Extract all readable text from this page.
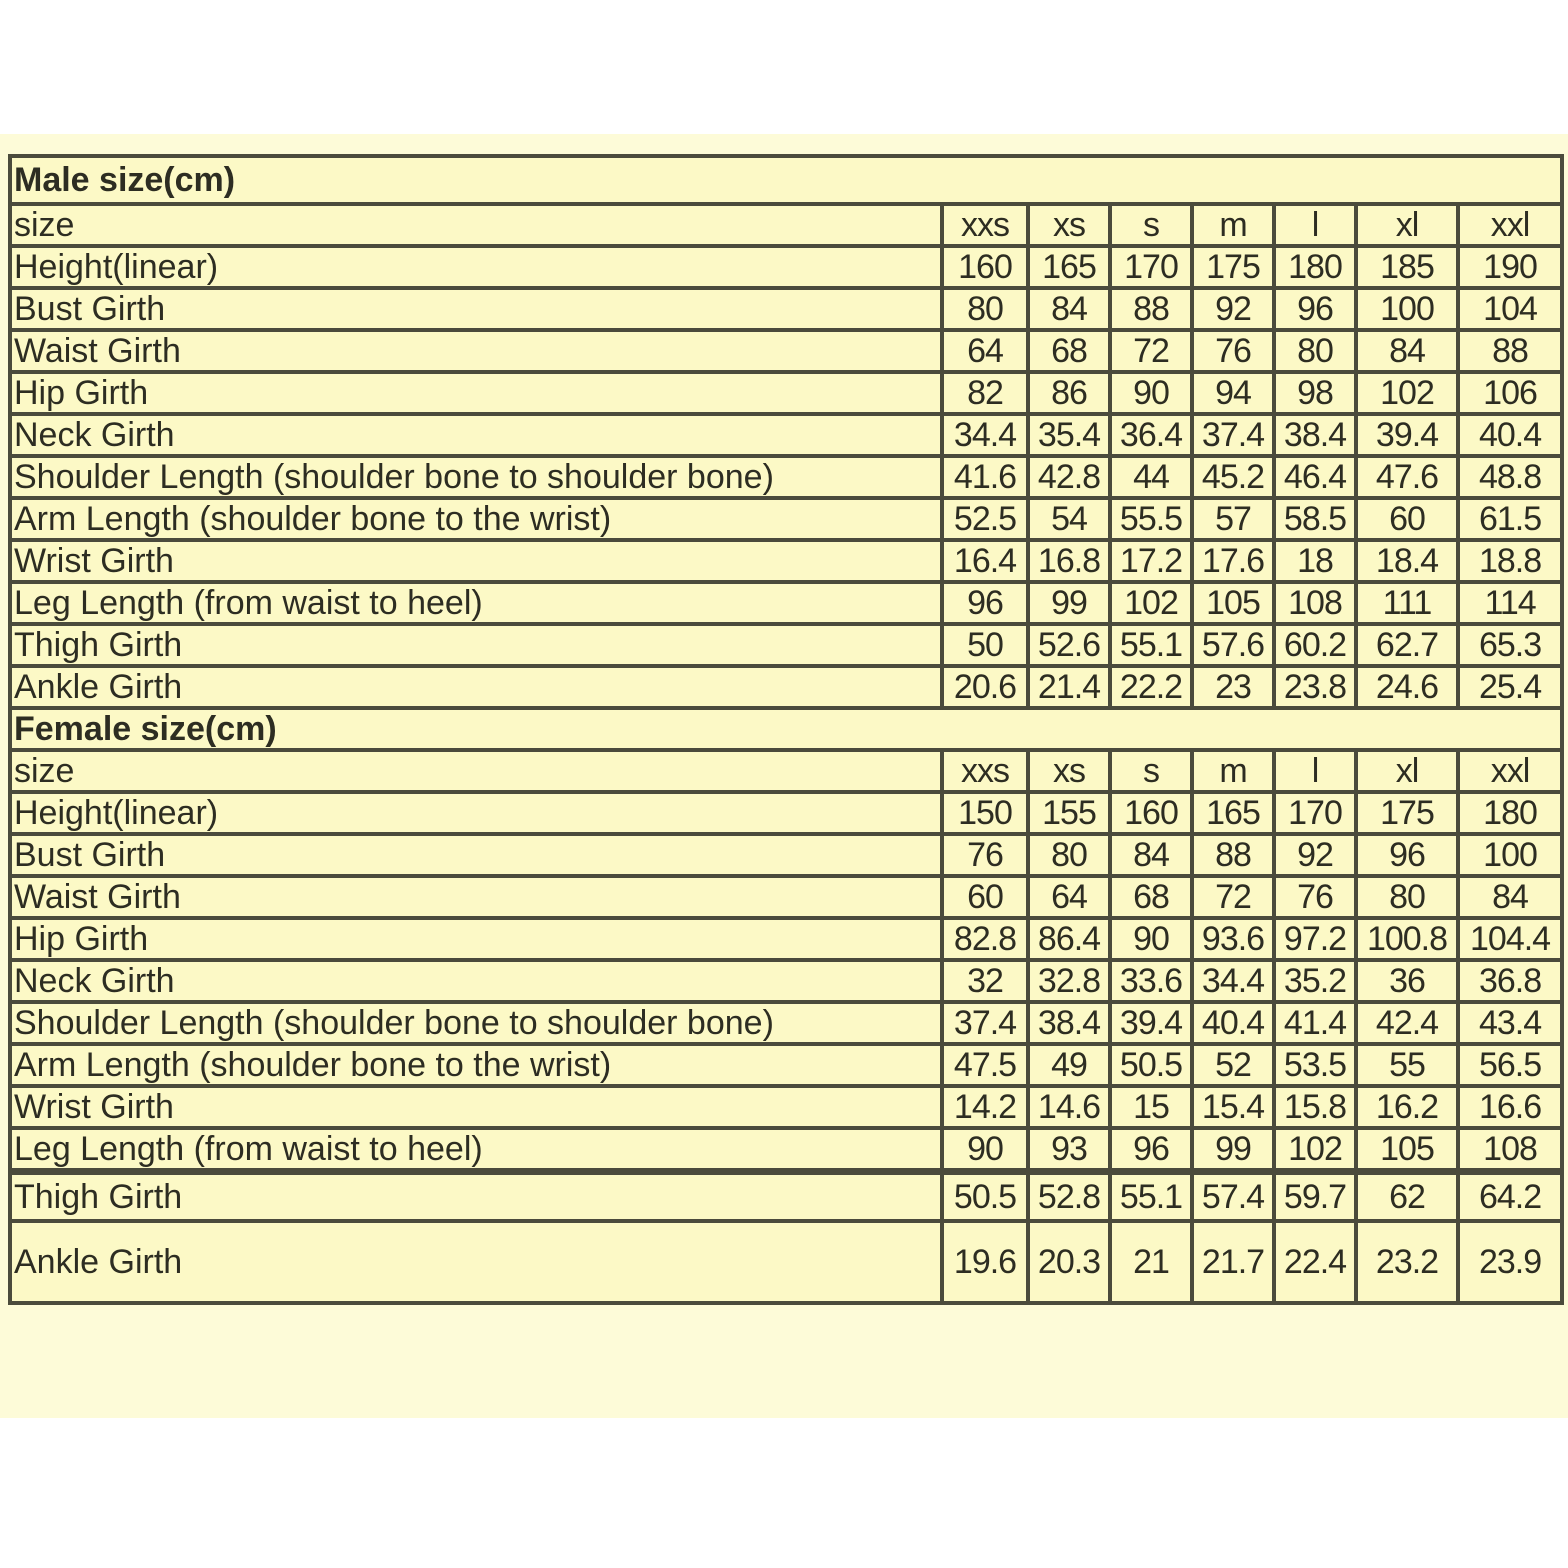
Male size(cm)							
size	xxs	xs	s	m	l	xl	xxl
Height(linear)	160	165	170	175	180	185	190
Bust Girth	80	84	88	92	96	100	104
Waist Girth	64	68	72	76	80	84	88
Hip Girth	82	86	90	94	98	102	106
Neck Girth	34.4	35.4	36.4	37.4	38.4	39.4	40.4
Shoulder Length (shoulder bone to shoulder bone)	41.6	42.8	44	45.2	46.4	47.6	48.8
Arm Length (shoulder bone to the wrist)	52.5	54	55.5	57	58.5	60	61.5
Wrist Girth	16.4	16.8	17.2	17.6	18	18.4	18.8
Leg Length (from waist to heel)	96	99	102	105	108	111	114
Thigh Girth	50	52.6	55.1	57.6	60.2	62.7	65.3
Ankle Girth	20.6	21.4	22.2	23	23.8	24.6	25.4
Female size(cm)							
size	xxs	xs	s	m	l	xl	xxl
Height(linear)	150	155	160	165	170	175	180
Bust Girth	76	80	84	88	92	96	100
Waist Girth	60	64	68	72	76	80	84
Hip Girth	82.8	86.4	90	93.6	97.2	100.8	104.4
Neck Girth	32	32.8	33.6	34.4	35.2	36	36.8
Shoulder Length (shoulder bone to shoulder bone)	37.4	38.4	39.4	40.4	41.4	42.4	43.4
Arm Length (shoulder bone to the wrist)	47.5	49	50.5	52	53.5	55	56.5
Wrist Girth	14.2	14.6	15	15.4	15.8	16.2	16.6
Leg Length (from waist to heel)	90	93	96	99	102	105	108
Thigh Girth	50.5	52.8	55.1	57.4	59.7	62	64.2
Ankle Girth	19.6	20.3	21	21.7	22.4	23.2	23.9
